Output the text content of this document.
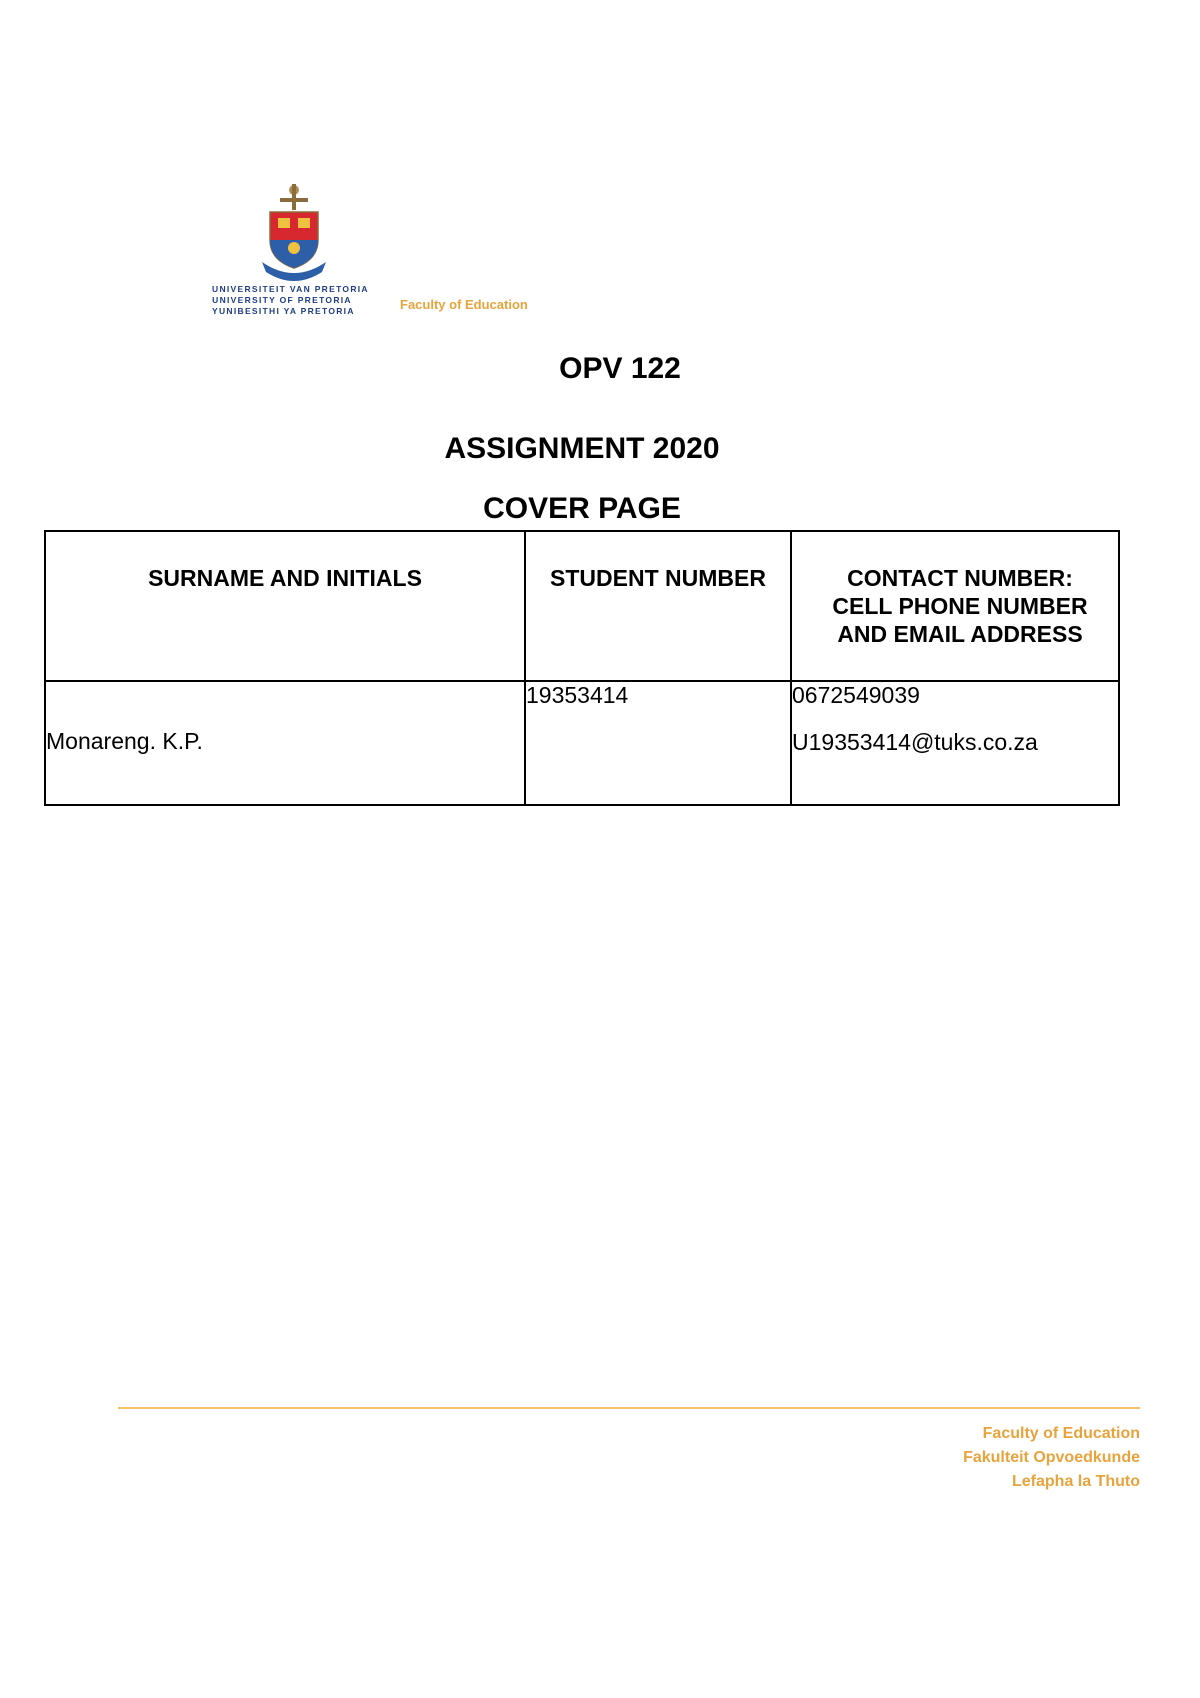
UNIVERSITEIT VAN PRETORIA
UNIVERSITY OF PRETORIA
YUNIBESITHI YA PRETORIA	Faculty of Education
OPV 122
ASSIGNMENT 2020
COVER PAGE
SURNAME AND INITIALS	STUDENT NUMBER	CONTACT NUMBER: CELL PHONE NUMBER AND EMAIL ADDRESS

Monareng. K.P.	19353414	0672549039
U19353414@tuks.co.za
Faculty of Education
Fakulteit Opvoedkunde
Lefapha la Thuto
